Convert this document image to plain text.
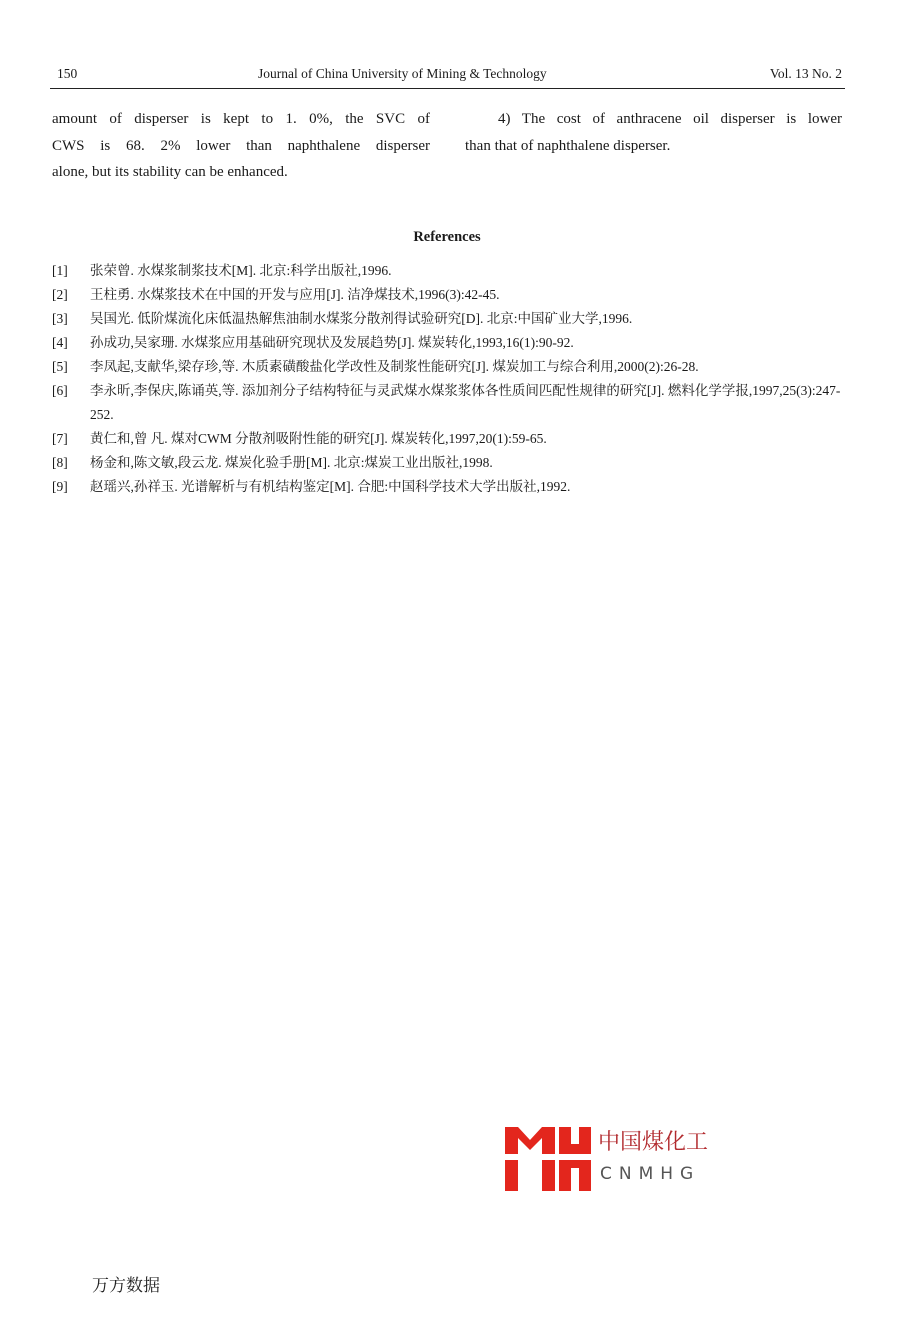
150	Journal of China University of Mining & Technology	Vol. 13 No. 2
amount of disperser is kept to 1. 0%, the SVC of
CWS is 68. 2% lower than naphthalene disperser
alone, but its stability can be enhanced.
4) The cost of anthracene oil disperser is lower
than that of naphthalene disperser.
References
[1]	张荣曾. 水煤浆制浆技术[M]. 北京:科学出版社,1996.
[2]	王柱勇. 水煤浆技术在中国的开发与应用[J]. 洁净煤技术,1996(3):42-45.
[3]	吴国光. 低阶煤流化床低温热解焦油制水煤浆分散剂得试验研究[D]. 北京:中国矿业大学,1996.
[4]	孙成功,吴家珊. 水煤浆应用基础研究现状及发展趋势[J]. 煤炭转化,1993,16(1):90-92.
[5]	李凤起,支献华,梁存珍,等. 木质素磺酸盐化学改性及制浆性能研究[J]. 煤炭加工与综合利用,2000(2):26-28.
[6]	李永昕,李保庆,陈诵英,等. 添加剂分子结构特征与灵武煤水煤浆浆体各性质间匹配性规律的研究[J]. 燃料化学学报,1997,25(3):247-252.
[7]	黄仁和,曾 凡. 煤对CWM 分散剂吸附性能的研究[J]. 煤炭转化,1997,20(1):59-65.
[8]	杨金和,陈文敏,段云龙. 煤炭化验手册[M]. 北京:煤炭工业出版社,1998.
[9]	赵瑶兴,孙祥玉. 光谱解析与有机结构鉴定[M]. 合肥:中国科学技术大学出版社,1992.
中国煤化工
CNMHG
万方数据
